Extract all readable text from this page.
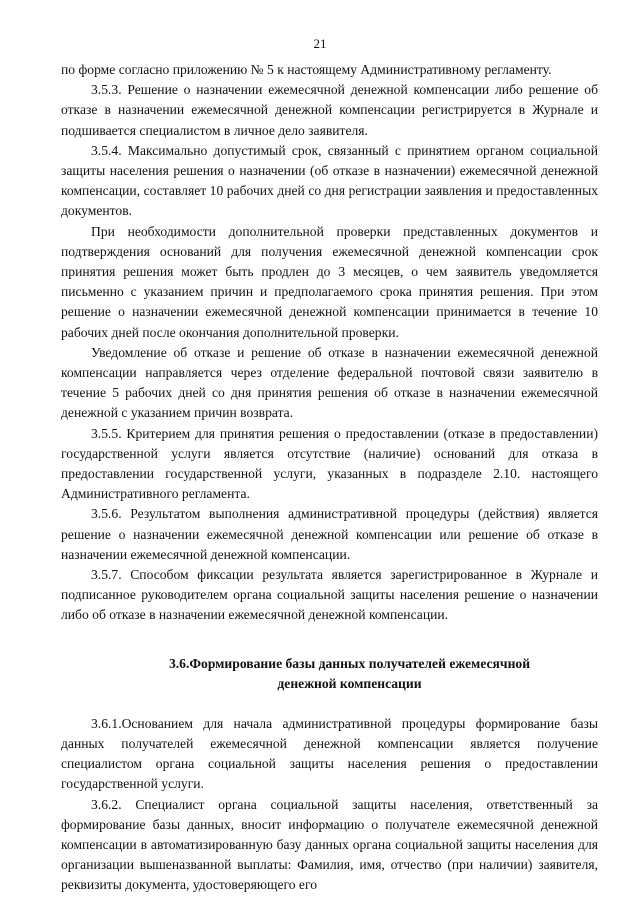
21

по форме согласно приложению № 5 к настоящему Административному регламенту.

3.5.3. Решение о назначении ежемесячной денежной компенсации либо решение об отказе в назначении ежемесячной денежной компенсации регистрируется в Журнале и подшивается специалистом в личное дело заявителя.

3.5.4. Максимально допустимый срок, связанный с принятием органом социальной защиты населения решения о назначении (об отказе в назначении) ежемесячной денежной компенсации, составляет 10 рабочих дней со дня регистрации заявления и предоставленных документов.

При необходимости дополнительной проверки представленных документов и подтверждения оснований для получения ежемесячной денежной компенсации срок принятия решения может быть продлен до 3 месяцев, о чем заявитель уведомляется письменно с указанием причин и предполагаемого срока принятия решения. При этом решение о назначении ежемесячной денежной компенсации принимается в течение 10 рабочих дней после окончания дополнительной проверки.

Уведомление об отказе и решение об отказе в назначении ежемесячной денежной компенсации направляется через отделение федеральной почтовой связи заявителю в течение 5 рабочих дней со дня принятия решения об отказе в назначении ежемесячной денежной с указанием причин возврата.

3.5.5. Критерием для принятия решения о предоставлении (отказе в предоставлении) государственной услуги является отсутствие (наличие) оснований для отказа в предоставлении государственной услуги, указанных в подразделе 2.10. настоящего Административного регламента.

3.5.6. Результатом выполнения административной процедуры (действия) является решение о назначении ежемесячной денежной компенсации или решение об отказе в назначении ежемесячной денежной компенсации.

3.5.7. Способом фиксации результата является зарегистрированное в Журнале и подписанное руководителем органа социальной защиты населения решение о назначении либо об отказе в назначении ежемесячной денежной компенсации.

3.6.Формирование базы данных получателей ежемесячной
денежной компенсации

3.6.1.Основанием для начала административной процедуры формирование базы данных получателей ежемесячной денежной компенсации является получение специалистом органа социальной защиты населения решения о предоставлении государственной услуги.

3.6.2. Специалист органа социальной защиты населения, ответственный за формирование базы данных, вносит информацию о получателе ежемесячной денежной компенсации в автоматизированную базу данных органа социальной защиты населения для организации вышеназванной выплаты: Фамилия, имя, отчество (при наличии) заявителя, реквизиты документа, удостоверяющего его
